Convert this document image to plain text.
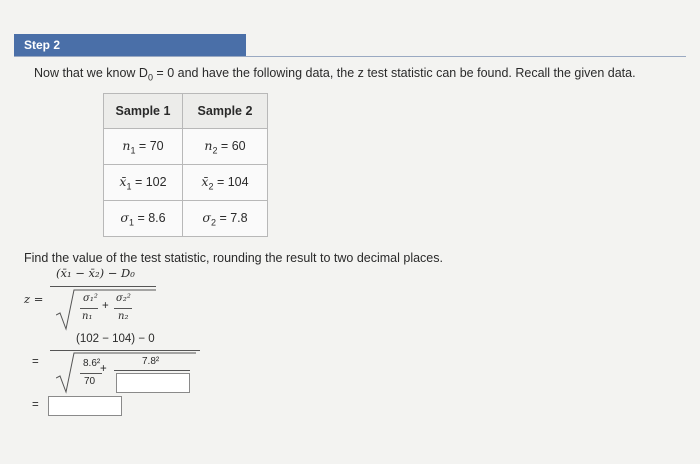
Step 2
Now that we know $D_0 = 0$ and have the following data, the z test statistic can be found. Recall the given data.
Sample 1	Sample 2
$n_1 = 70$	$n_2 = 60$
$x̄_1 = 102$	$x̄_2 = 104$
$\sigma_1 = 8.6$	$\sigma_2 = 7.8$
Find the value of the test statistic, rounding the result to two decimal places.
z =
(x̄₁ − x̄₂) − D₀
σ₁²
n₁
+
σ₂²
n₂
=
(102 − 104) − 0
8.6²
70
+
7.8²
=
